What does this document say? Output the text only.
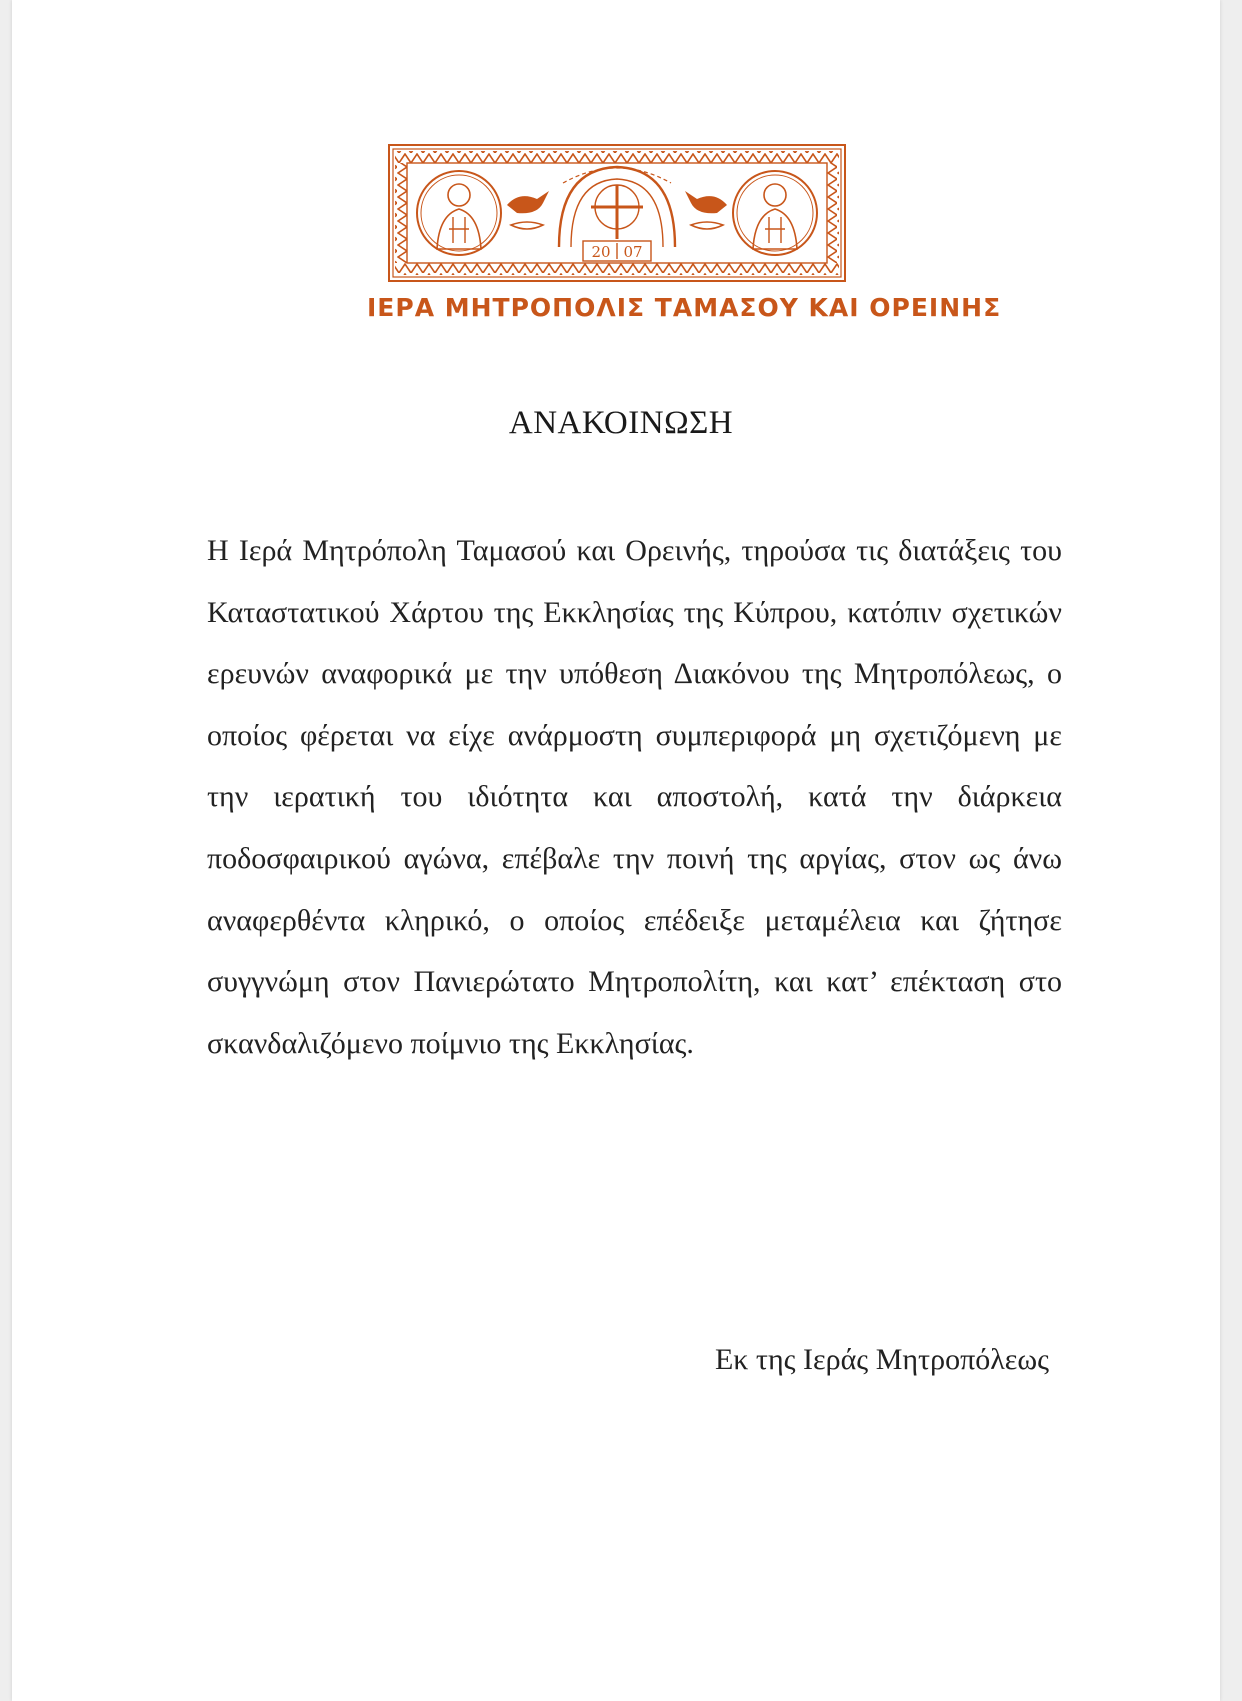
20 07
ΙΕΡΑ ΜΗΤΡΟΠΟΛΙΣ ΤΑΜΑΣΟΥ ΚΑΙ ΟΡΕΙΝΗΣ
ΑΝΑΚΟΙΝΩΣΗ
Η Ιερά Μητρόπολη Ταμασού και Ορεινής, τηρούσα τις διατάξεις του Καταστατικού Χάρτου της Εκκλησίας της Κύπρου, κατόπιν σχετικών ερευνών αναφορικά με την υπόθεση Διακόνου της Μητροπόλεως, ο οποίος φέρεται να είχε ανάρμοστη συμπεριφορά μη σχετιζόμενη με την ιερατική του ιδιότητα και αποστολή, κατά την διάρκεια ποδοσφαιρικού αγώνα, επέβαλε την ποινή της αργίας, στον ως άνω αναφερθέντα κληρικό, ο οποίος επέδειξε μεταμέλεια και ζήτησε συγγνώμη στον Πανιερώτατο Μητροπολίτη, και κατ’ επέκταση στο σκανδαλιζόμενο ποίμνιο της Εκκλησίας.
Εκ της Ιεράς Μητροπόλεως
